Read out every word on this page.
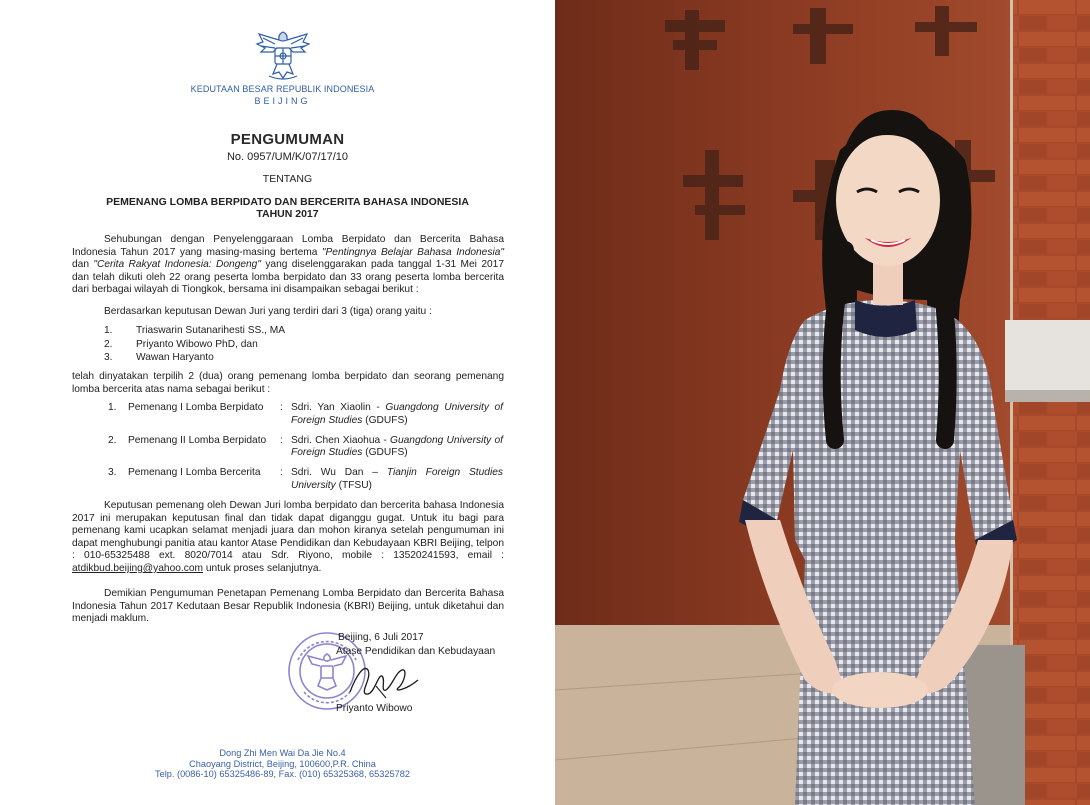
KEDUTAAN BESAR REPUBLIK INDONESIA
BEIJING
PENGUMUMAN
No. 0957/UM/K/07/17/10
TENTANG
PEMENANG LOMBA BERPIDATO DAN BERCERITA BAHASA INDONESIA
TAHUN 2017
Sehubungan dengan Penyelenggaraan Lomba Berpidato dan Bercerita Bahasa Indonesia Tahun 2017 yang masing-masing bertema "Pentingnya Belajar Bahasa Indonesia" dan "Cerita Rakyat Indonesia: Dongeng" yang diselenggarakan pada tanggal 1-31 Mei 2017 dan telah dikuti oleh 22 orang peserta lomba berpidato dan 33 orang peserta lomba bercerita dari berbagai wilayah di Tiongkok, bersama ini disampaikan sebagai berikut :
Berdasarkan keputusan Dewan Juri yang terdiri dari 3 (tiga) orang yaitu :
1. Triaswarin Sutanarihesti SS., MA
2. Priyanto Wibowo PhD, dan
3. Wawan Haryanto
telah dinyatakan terpilih 2 (dua) orang pemenang lomba berpidato dan seorang pemenang lomba bercerita atas nama sebagai berikut :
1. Pemenang I Lomba Berpidato : Sdri. Yan Xiaolin - Guangdong University of Foreign Studies (GDUFS)
2. Pemenang II Lomba Berpidato : Sdri. Chen Xiaohua - Guangdong University of Foreign Studies (GDUFS)
3. Pemenang I Lomba Bercerita : Sdri. Wu Dan – Tianjin Foreign Studies University (TFSU)
Keputusan pemenang oleh Dewan Juri lomba berpidato dan bercerita bahasa Indonesia 2017 ini merupakan keputusan final dan tidak dapat diganggu gugat. Untuk itu bagi para pemenang kami ucapkan selamat menjadi juara dan mohon kiranya setelah pengumuman ini dapat menghubungi panitia atau kantor Atase Pendidikan dan Kebudayaan KBRI Beijing, telpon : 010-65325488 ext. 8020/7014 atau Sdr. Riyono, mobile : 13520241593, email : atdikbud.beijing@yahoo.com untuk proses selanjutnya.
Demikian Pengumuman Penetapan Pemenang Lomba Berpidato dan Bercerita Bahasa Indonesia Tahun 2017 Kedutaan Besar Republik Indonesia (KBRI) Beijing, untuk diketahui dan menjadi maklum.
Beijing, 6 Juli 2017
Atase Pendidikan dan Kebudayaan
Priyanto Wibowo
Dong Zhi Men Wai Da Jie No.4
Chaoyang District, Beijing, 100600,P.R. China
Telp. (0086-10) 65325486-89, Fax. (010) 65325368, 65325782
